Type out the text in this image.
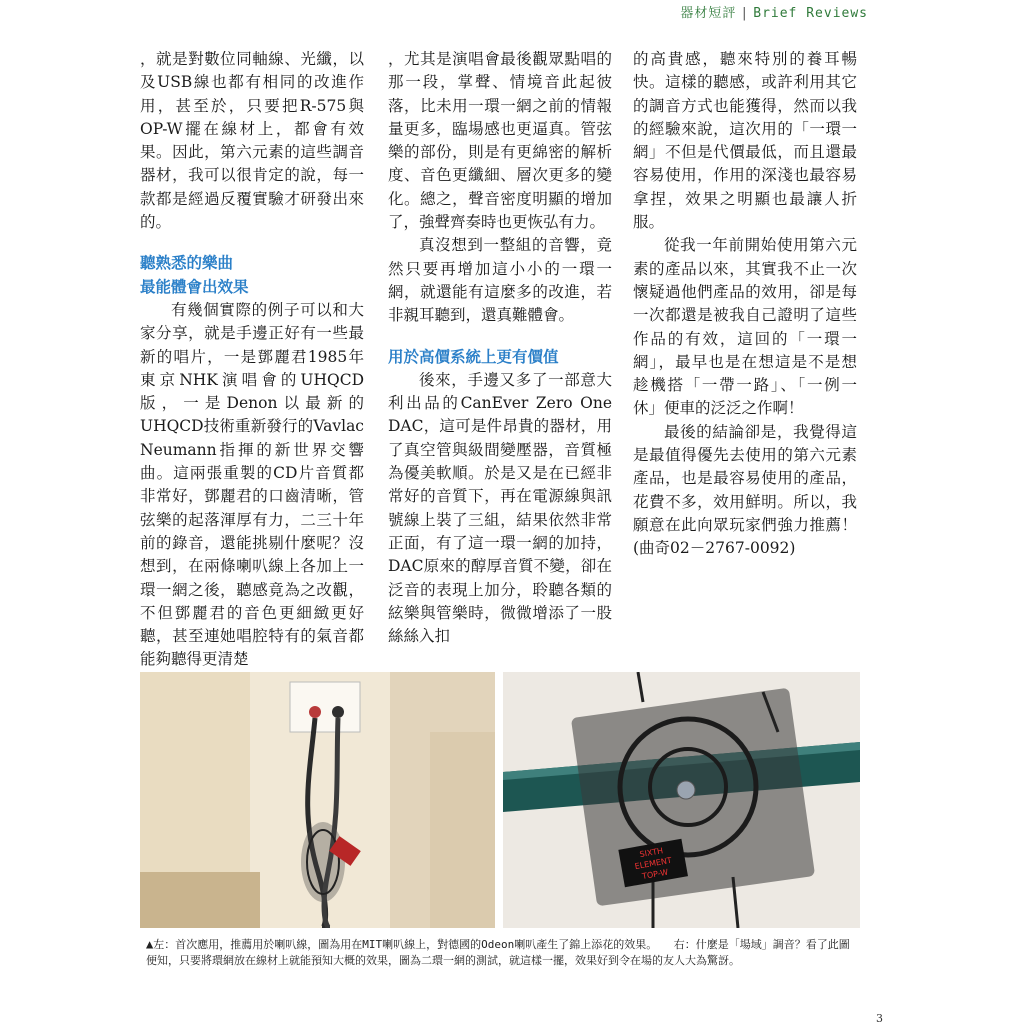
器材短評 | Brief Reviews

，就是對數位同軸線、光纖，以及USB線也都有相同的改進作用，甚至於，只要把R-575與OP-W擺在線材上，都會有效果。因此，第六元素的這些調音器材，我可以很肯定的說，每一款都是經過反覆實驗才研發出來的。

聽熟悉的樂曲
最能體會出效果

有幾個實際的例子可以和大家分享，就是手邊正好有一些最新的唱片，一是鄧麗君1985年東京NHK演唱會的UHQCD版，一是Denon以最新的UHQCD技術重新發行的Vavlac Neumann指揮的新世界交響曲。這兩張重製的CD片音質都非常好，鄧麗君的口齒清晰，管弦樂的起落渾厚有力，二三十年前的錄音，還能挑剔什麼呢？沒想到，在兩條喇叭線上各加上一環一網之後，聽感竟為之改觀，不但鄧麗君的音色更細緻更好聽，甚至連她唱腔特有的氣音都能夠聽得更清楚

，尤其是演唱會最後觀眾點唱的那一段，掌聲、情境音此起彼落，比未用一環一網之前的情報量更多，臨場感也更逼真。管弦樂的部份，則是有更綿密的解析度、音色更纖細、層次更多的變化。總之，聲音密度明顯的增加了，強聲齊奏時也更恢弘有力。

真沒想到一整組的音響，竟然只要再增加這小小的一環一網，就還能有這麼多的改進，若非親耳聽到，還真難體會。

用於高價系統上更有價值

後來，手邊又多了一部意大利出品的CanEver Zero One DAC，這可是件昂貴的器材，用了真空管與級間變壓器，音質極為優美軟順。於是又是在已經非常好的音質下，再在電源線與訊號線上裝了三組，結果依然非常正面，有了這一環一網的加持，DAC原來的醇厚音質不變，卻在泛音的表現上加分，聆聽各類的絃樂與管樂時，微微增添了一股絲絲入扣

的高貴感，聽來特別的養耳暢快。這樣的聽感，或許利用其它的調音方式也能獲得，然而以我的經驗來說，這次用的「一環一網」不但是代價最低，而且還最容易使用，作用的深淺也最容易拿捏，效果之明顯也最讓人折服。

從我一年前開始使用第六元素的產品以來，其實我不止一次懷疑過他們產品的效用，卻是每一次都還是被我自己證明了這些作品的有效，這回的「一環一網」，最早也是在想這是不是想趁機搭「一帶一路」、「一例一休」便車的泛泛之作啊！

最後的結論卻是，我覺得這是最值得優先去使用的第六元素產品，也是最容易使用的產品，花費不多，效用鮮明。所以，我願意在此向眾玩家們強力推薦！(曲奇02－2767-0092)

SIXTH
ELEMENT
TOP-W
▲左：首次應用，推薦用於喇叭線，圖為用在MIT喇叭線上，對德國的Odeon喇叭產生了錦上添花的效果。　　右：什麼是「場域」調音？看了此圖便知，只要將環網放在線材上就能預知大概的效果，圖為二環一網的測試，就這樣一擺，效果好到令在場的友人大為驚訝。
3
